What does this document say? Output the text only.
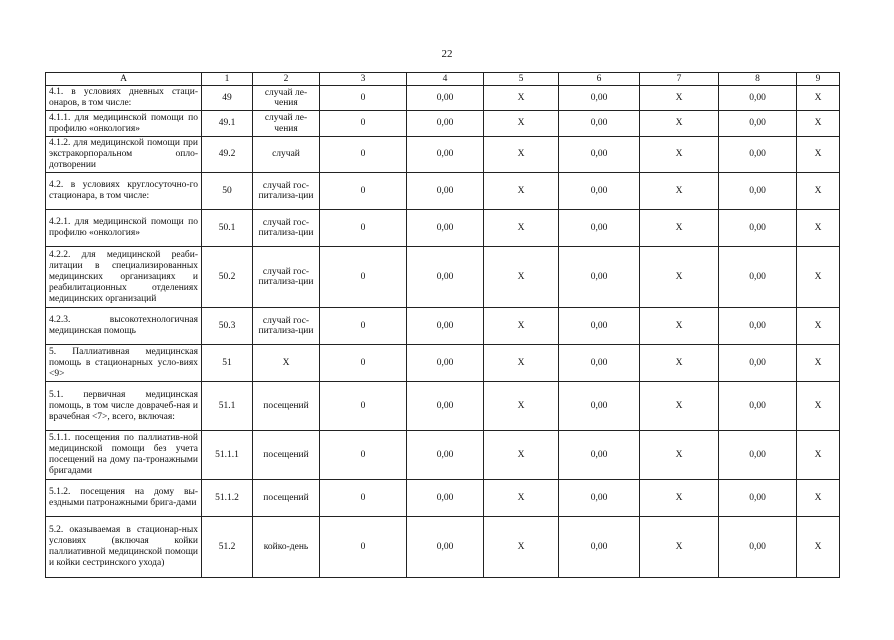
22
А	1	2	3	4	5	6	7	8	9
4.1. в условиях дневных стаци-онаров, в том числе:	49	случай ле-чения	0	0,00	Х	0,00	Х	0,00	Х
4.1.1. для медицинской помощи по профилю «онкология»	49.1	случай ле-чения	0	0,00	Х	0,00	Х	0,00	Х
4.1.2. для медицинской помощи при экстракорпоральном опло-дотворении	49.2	случай	0	0,00	Х	0,00	Х	0,00	Х
4.2. в условиях круглосуточно-го стационара, в том числе:	50	случай гос-питализа-ции	0	0,00	Х	0,00	Х	0,00	Х
4.2.1. для медицинской помощи по профилю «онкология»	50.1	случай гос-питализа-ции	0	0,00	Х	0,00	Х	0,00	Х
4.2.2. для медицинской реаби-литации в специализированных медицинских организациях и реабилитационных отделениях медицинских организаций	50.2	случай гос-питализа-ции	0	0,00	Х	0,00	Х	0,00	Х
4.2.3. высокотехнологичная медицинская помощь	50.3	случай гос-питализа-ции	0	0,00	Х	0,00	Х	0,00	Х
5. Паллиативная медицинская помощь в стационарных усло-виях <9>	51	Х	0	0,00	Х	0,00	Х	0,00	Х
5.1. первичная медицинская помощь, в том числе доврачеб-ная и врачебная <7>, всего, включая:	51.1	посещений	0	0,00	Х	0,00	Х	0,00	Х
5.1.1. посещения по паллиатив-ной медицинской помощи без учета посещений на дому па-тронажными бригадами	51.1.1	посещений	0	0,00	Х	0,00	Х	0,00	Х
5.1.2. посещения на дому вы-ездными патронажными брига-дами	51.1.2	посещений	0	0,00	Х	0,00	Х	0,00	Х
5.2. оказываемая в стационар-ных условиях (включая койки паллиативной медицинской помощи и койки сестринского ухода)	51.2	койко-день	0	0,00	Х	0,00	Х	0,00	Х
